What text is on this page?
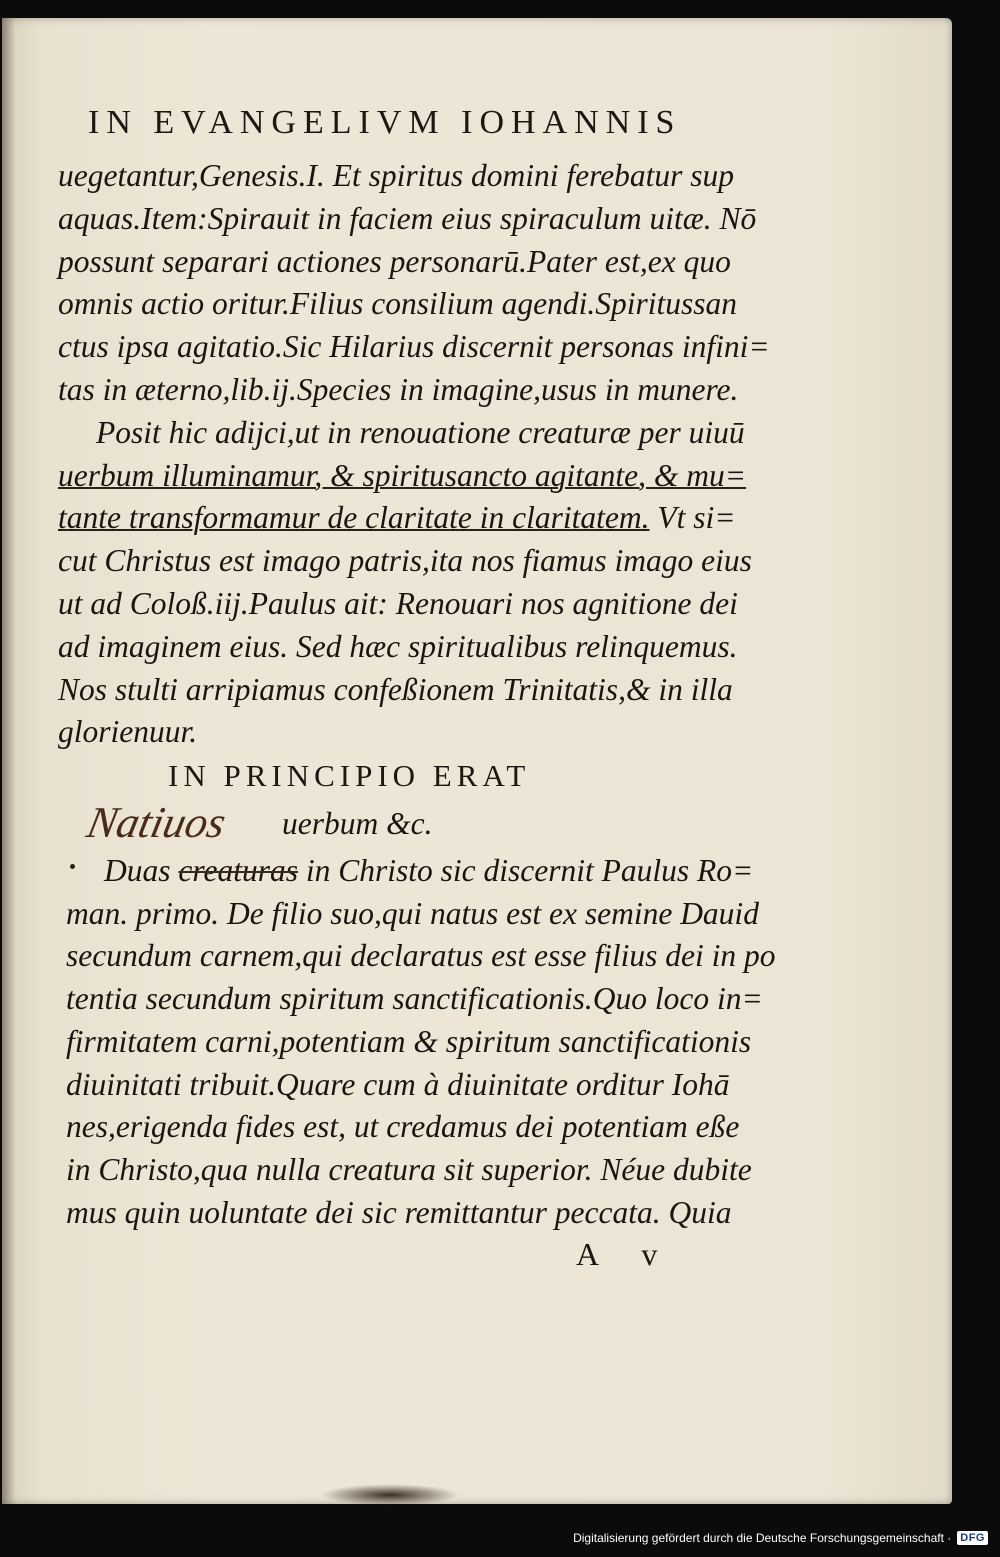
IN EVANGELIVM IOHANNIS
uegetantur,Genesis.I. Et spiritus domini ferebatur sup
aquas.Item:Spirauit in faciem eius spiraculum uitæ. Nō
possunt separari actiones personarū.Pater est,ex quo
omnis actio oritur.Filius consilium agendi.Spiritussan
ctus ipsa agitatio.Sic Hilarius discernit personas infini=
tas in æterno,lib.ij.Species in imagine,usus in munere.
Posit hic adijci,ut in renouatione creaturæ per uiuū
uerbum illuminamur, & spiritusancto agitante, & mu=
tante transformamur de claritate in claritatem. Vt si=
cut Christus est imago patris,ita nos fiamus imago eius
ut ad Coloß.iij.Paulus ait: Renouari nos agnitione dei
ad imaginem eius. Sed hæc spiritualibus relinquemus.
Nos stulti arripiamus confeßionem Trinitatis,& in illa
glorienuur.
IN PRINCIPIO ERAT
Natiuos uerbum &c.
Duas creaturas in Christo sic discernit Paulus Ro=
man. primo. De filio suo,qui natus est ex semine Dauid
secundum carnem,qui declaratus est esse filius dei in po
tentia secundum spiritum sanctificationis.Quo loco in=
firmitatem carni,potentiam & spiritum sanctificationis
diuinitati tribuit.Quare cum à diuinitate orditur Iohā
nes,erigenda fides est, ut credamus dei potentiam eße
in Christo,qua nulla creatura sit superior. Néue dubite
mus quin uoluntate dei sic remittantur peccata. Quia
A v
Digitalisierung gefördert durch die Deutsche Forschungsgemeinschaft · DFG
